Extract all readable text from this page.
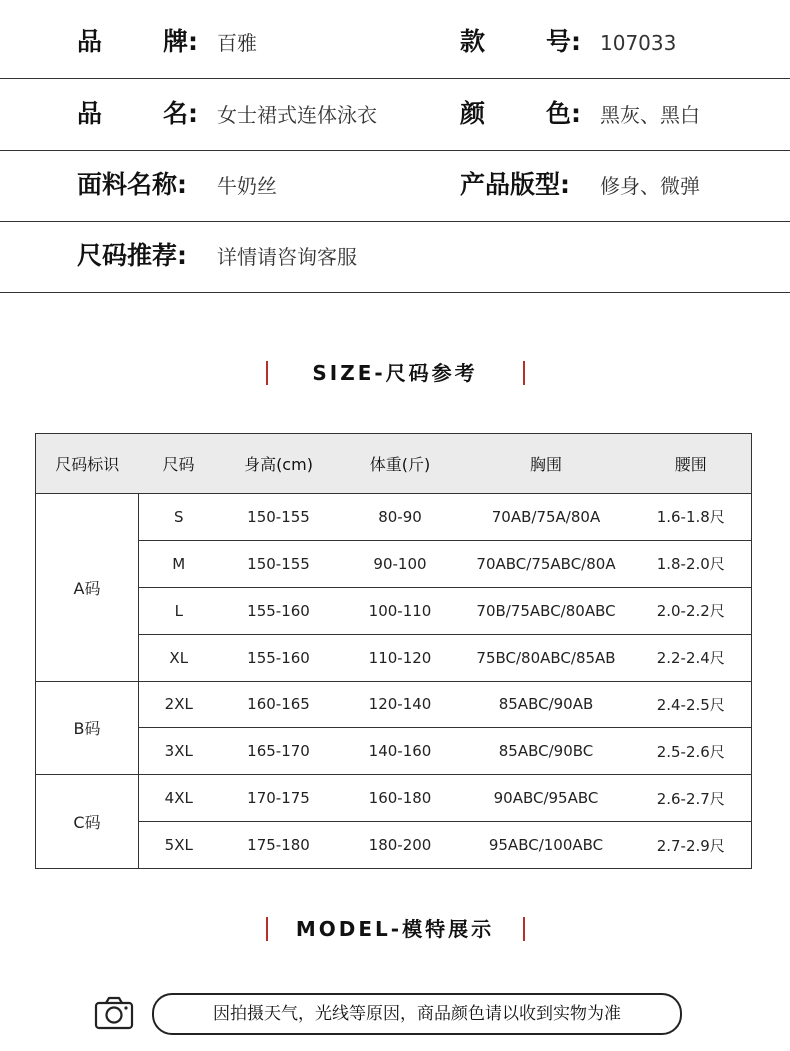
品 牌: 百雅	款 号: 107033
品 名: 女士裙式连体泳衣	颜 色: 黑灰、黑白
面料名称: 牛奶丝	产品版型: 修身、微弹
尺码推荐: 详情请咨询客服
SIZE-尺码参考
尺码标识	尺码	身高(cm)	体重(斤)	胸围	腰围
A码	S	150-155	80-90	70AB/75A/80A	1.6-1.8尺
	M	150-155	90-100	70ABC/75ABC/80A	1.8-2.0尺
	L	155-160	100-110	70B/75ABC/80ABC	2.0-2.2尺
	XL	155-160	110-120	75BC/80ABC/85AB	2.2-2.4尺
B码	2XL	160-165	120-140	85ABC/90AB	2.4-2.5尺
	3XL	165-170	140-160	85ABC/90BC	2.5-2.6尺
C码	4XL	170-175	160-180	90ABC/95ABC	2.6-2.7尺
	5XL	175-180	180-200	95ABC/100ABC	2.7-2.9尺
MODEL-模特展示
因拍摄天气，光线等原因，商品颜色请以收到实物为准
